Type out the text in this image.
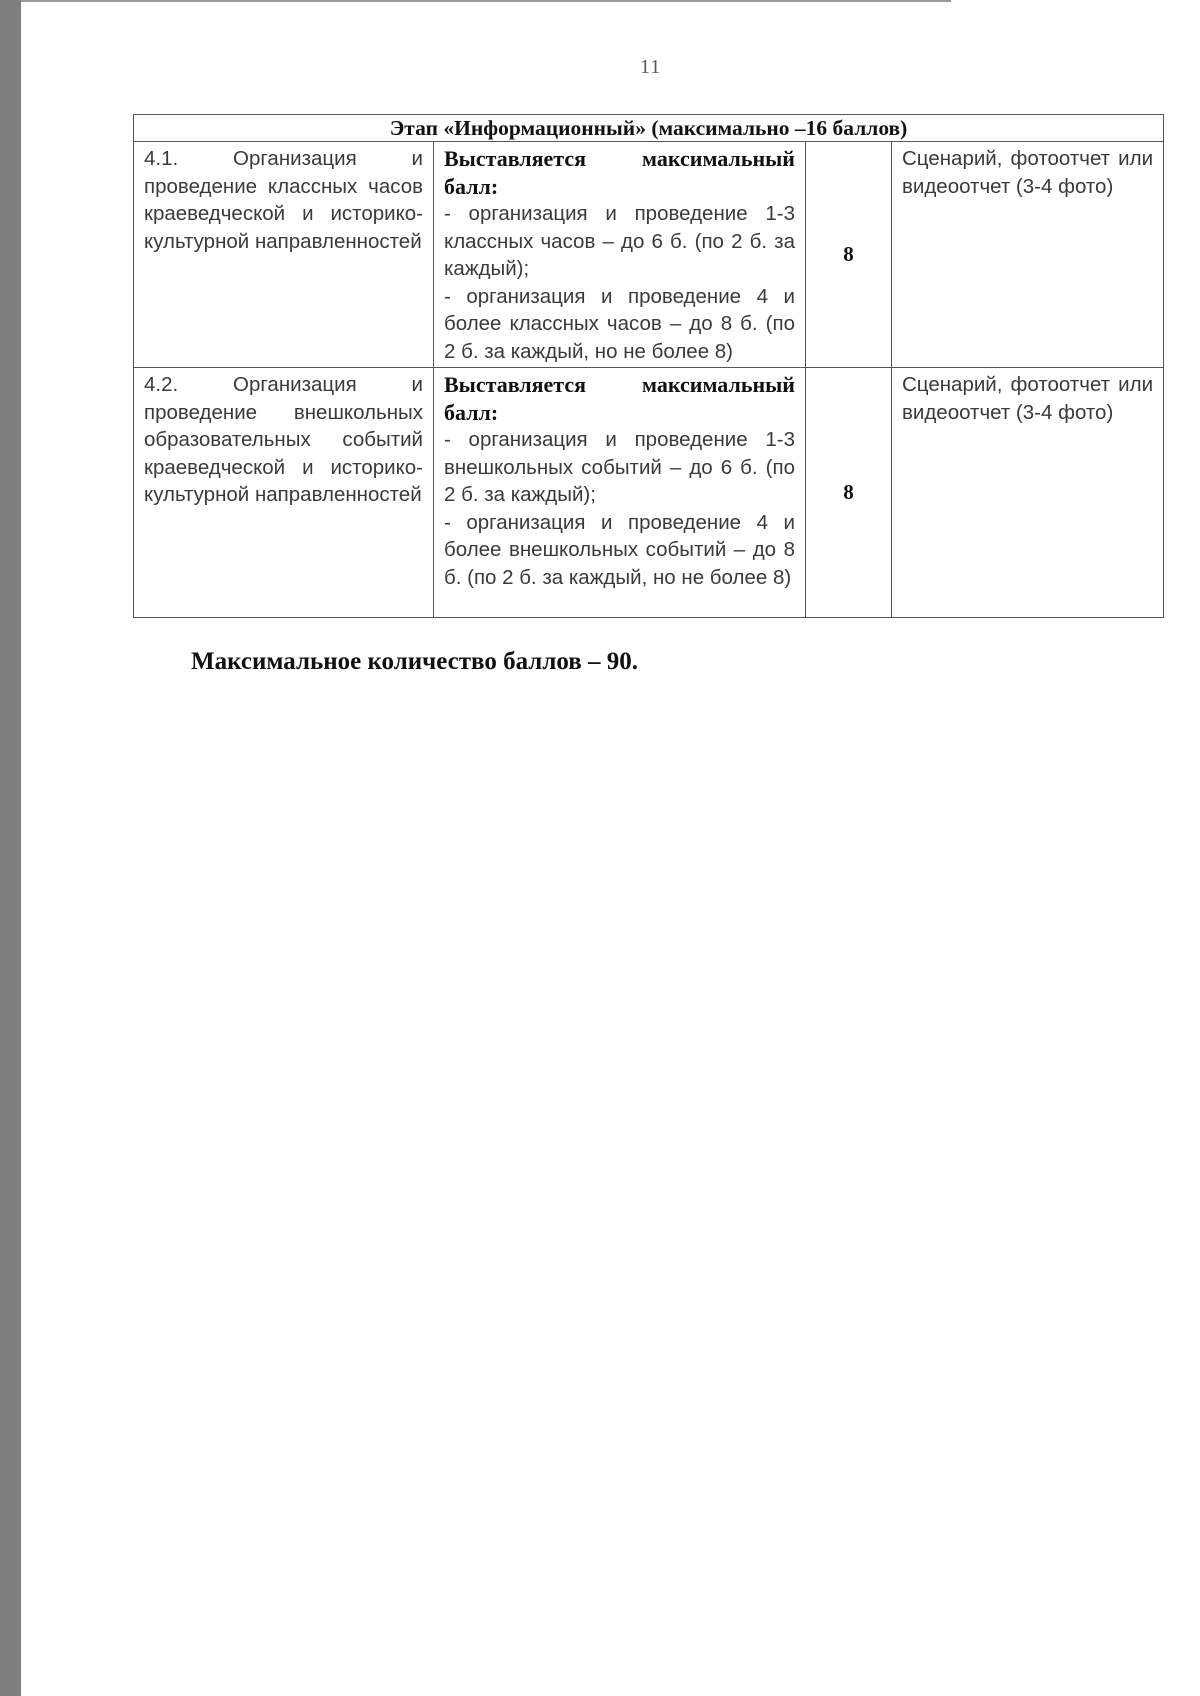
11
Этап «Информационный» (максимально –16 баллов)			
4.1. Организация и проведение классных часов краеведческой и историко-культурной направленностей	Выставляется максимальный балл:
- организация и проведение 1-3 классных часов – до 6 б. (по 2 б. за каждый);
- организация и проведение 4 и более классных часов – до 8 б. (по 2 б. за каждый, но не более 8)	8	Сценарий, фотоотчет или видеоотчет (3-4 фото)
4.2. Организация и проведение внешкольных образовательных событий краеведческой и историко-культурной направленностей	Выставляется максимальный балл:
- организация и проведение 1-3 внешкольных событий – до 6 б. (по 2 б. за каждый);
- организация и проведение 4 и более внешкольных событий – до 8 б. (по 2 б. за каждый, но не более 8)	8	Сценарий, фотоотчет или видеоотчет (3-4 фото)
Максимальное количество баллов – 90.
